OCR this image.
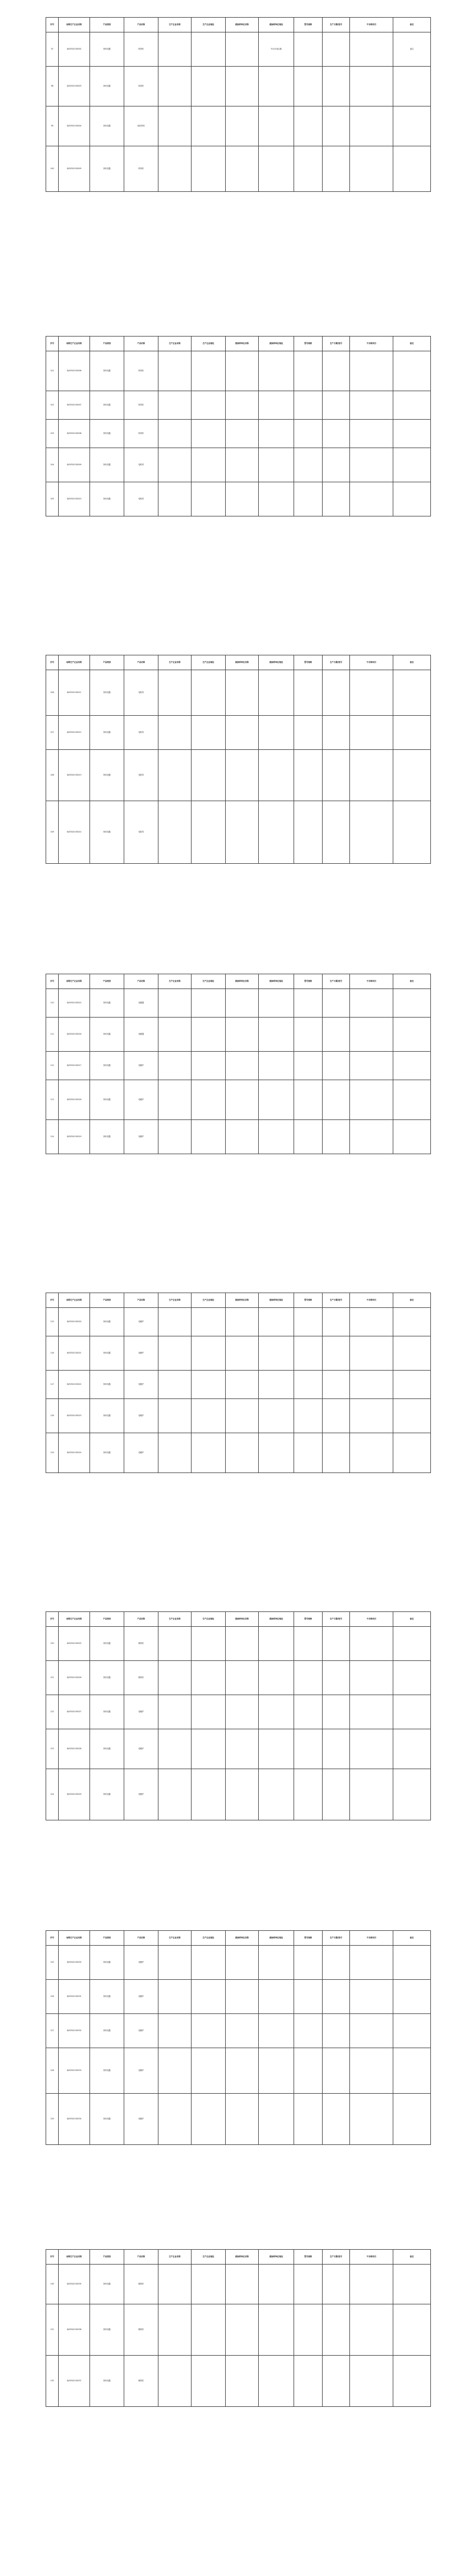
序号	标称生产企业名称	产品类别	产品名称	生产企业名称	生产企业地址	被抽样单位名称	被抽样单位地址	型号规格	生产日期/批号	不合格项目	备注
97	SJ05320130002	家用电器	吹风机				中山市南头镇				备注
98	SJ05320130003	家用电器	吹风机								
99	SJ05320130004	家用电器	电吹风机								
100	SJ05320130005	家用电器	吹风机								
序号	标称生产企业名称	产品类别	产品名称	生产企业名称	生产企业地址	被抽样单位名称	被抽样单位地址	型号规格	生产日期/批号	不合格项目	备注
101	SJ05320130006	家用电器	吹风机								
102	SJ05320130007	家用电器	吹风机								
103	SJ05320130008	家用电器	吹风机								
104	SJ05320130009	家用电器	电吹风								
105	SJ05320130010	家用电器	电吹风								
序号	标称生产企业名称	产品类别	产品名称	生产企业名称	生产企业地址	被抽样单位名称	被抽样单位地址	型号规格	生产日期/批号	不合格项目	备注
106	SJ05320130011	家用电器	电吹风								
107	SJ05320130012	家用电器	电吹风								
108	SJ05320130013	家用电器	电吹风								
109	SJ05320130014	家用电器	电吹风								
序号	标称生产企业名称	产品类别	产品名称	生产企业名称	生产企业地址	被抽样单位名称	被抽样单位地址	型号规格	生产日期/批号	不合格项目	备注
110	SJ05320130015	家用电器	电暖器								
111	SJ05320130016	家用电器	电暖器								
112	SJ05320130017	家用电器	电暖炉								
113	SJ05320130018	家用电器	电暖炉								
114	SJ05320130019	家用电器	电暖炉								
序号	标称生产企业名称	产品类别	产品名称	生产企业名称	生产企业地址	被抽样单位名称	被抽样单位地址	型号规格	生产日期/批号	不合格项目	备注
115	SJ05320130020	家用电器	电暖炉								
116	SJ05320130021	家用电器	电暖炉								
117	SJ05320130022	家用电器	电暖炉								
118	SJ05320130023	家用电器	电暖炉								
119	SJ05320130024	家用电器	电暖炉								
序号	标称生产企业名称	产品类别	产品名称	生产企业名称	生产企业地址	被抽样单位名称	被抽样单位地址	型号规格	生产日期/批号	不合格项目	备注
120	SJ05320130025	家用电器	暖风机								
121	SJ05320130026	家用电器	暖风机								
122	SJ05320130027	家用电器	电暖炉								
123	SJ05320130028	家用电器	电暖炉								
124	SJ05320130029	家用电器	电暖炉								
序号	标称生产企业名称	产品类别	产品名称	生产企业名称	生产企业地址	被抽样单位名称	被抽样单位地址	型号规格	生产日期/批号	不合格项目	备注
125	SJ05320130030	家用电器	电暖炉								
126	SJ05320130031	家用电器	电暖炉								
127	SJ05320130032	家用电器	电暖炉								
128	SJ05320130033	家用电器	电暖炉								
129	SJ05320130034	家用电器	电暖炉								
序号	标称生产企业名称	产品类别	产品名称	生产企业名称	生产企业地址	被抽样单位名称	被抽样单位地址	型号规格	生产日期/批号	不合格项目	备注
130	SJ05320130035	家用电器	暖风机								
131	SJ05320130036	家用电器	暖风机								
132	SJ05320130037	家用电器	暖风机								
